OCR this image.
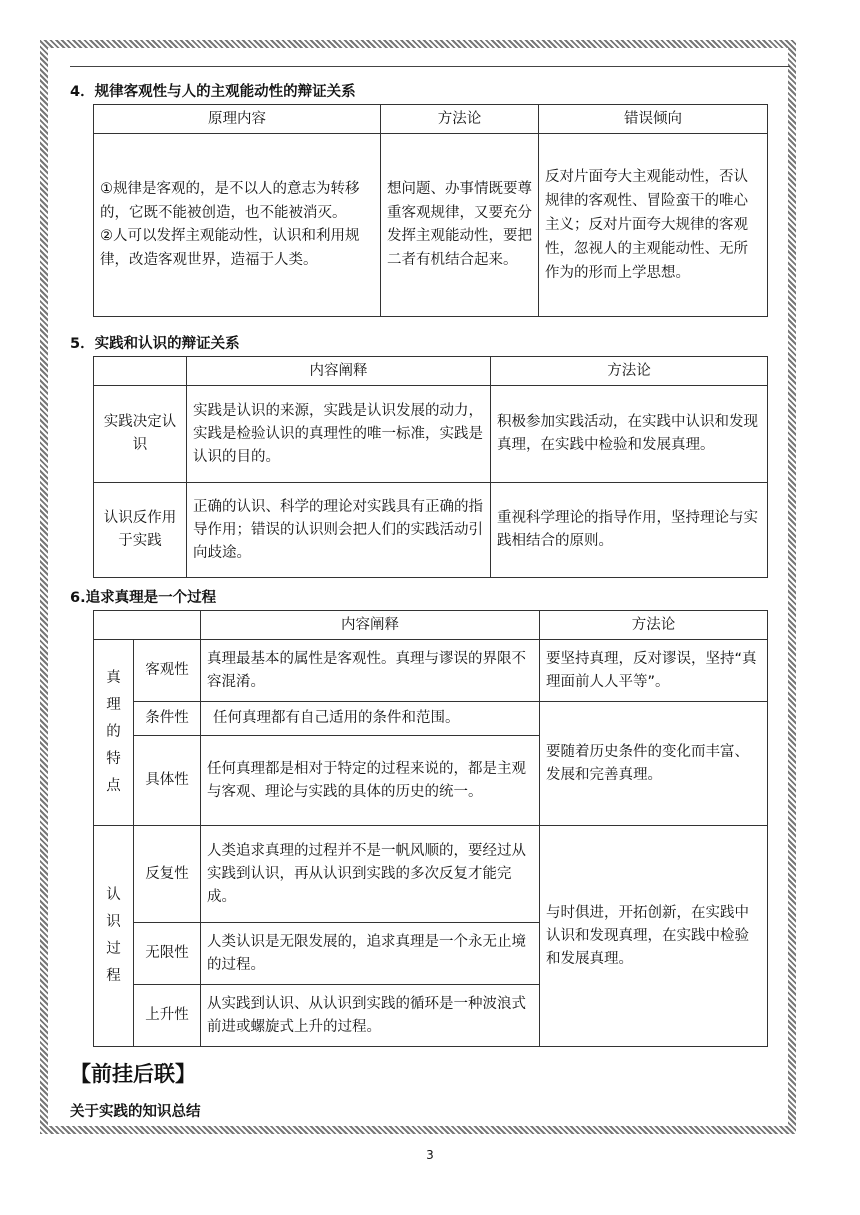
4．规律客观性与人的主观能动性的辩证关系
原理内容	方法论	错误倾向

①规律是客观的，是不以人的意志为转移的，它既不能被创造，也不能被消灭。
②人可以发挥主观能动性，认识和利用规律，改造客观世界，造福于人类。	想问题、办事情既要尊重客观规律，又要充分发挥主观能动性，要把二者有机结合起来。	反对片面夸大主观能动性，否认规律的客观性、冒险蛮干的唯心主义；反对片面夸大规律的客观性，忽视人的主观能动性、无所作为的形而上学思想。
5．实践和认识的辩证关系
	内容阐释	方法论
实践决定认识	实践是认识的来源，实践是认识发展的动力，实践是检验认识的真理性的唯一标准，实践是认识的目的。	积极参加实践活动，在实践中认识和发现真理，在实践中检验和发展真理。
认识反作用于实践	正确的认识、科学的理论对实践具有正确的指导作用；错误的认识则会把人们的实践活动引向歧途。	重视科学理论的指导作用，坚持理论与实践相结合的原则。
6.追求真理是一个过程
		内容阐释	方法论

真
理
的
特
点	客观性	真理最基本的属性是客观性。真理与谬误的界限不容混淆。	要坚持真理，反对谬误，坚持“真理面前人人平等”。
	条件性	任何真理都有自己适用的条件和范围。	要随着历史条件的变化而丰富、发展和完善真理。
	具体性	任何真理都是相对于特定的过程来说的，都是主观与客观、理论与实践的具体的历史的统一。	

认
识
过
程	反复性	人类追求真理的过程并不是一帆风顺的，要经过从实践到认识，再从认识到实践的多次反复才能完成。	与时俱进，开拓创新，在实践中认识和发现真理，在实践中检验和发展真理。
	无限性	人类认识是无限发展的，追求真理是一个永无止境的过程。	
	上升性	从实践到认识、从认识到实践的循环是一种波浪式前进或螺旋式上升的过程。	
【前挂后联】
关于实践的知识总结
3
